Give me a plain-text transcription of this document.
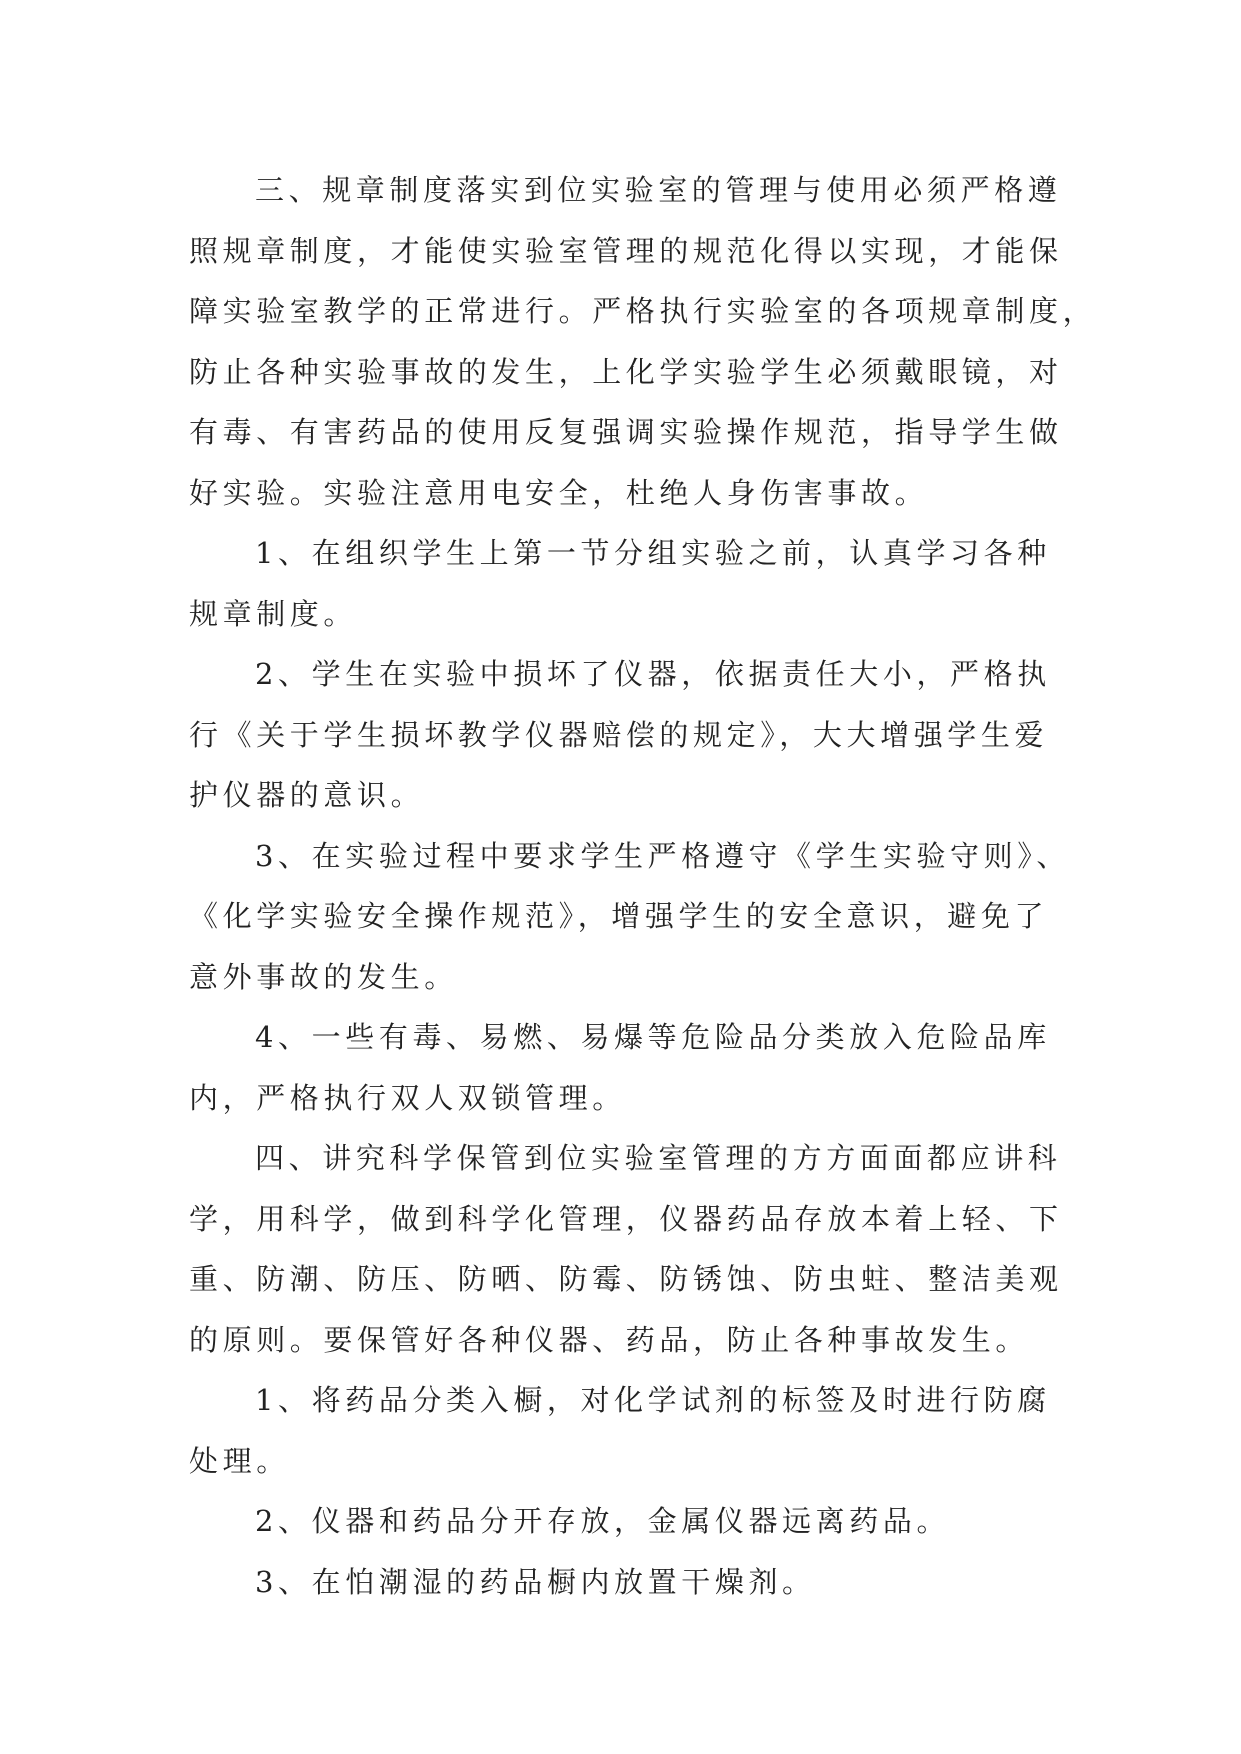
三、规章制度落实到位实验室的管理与使用必须严格遵
照规章制度，才能使实验室管理的规范化得以实现，才能保
障实验室教学的正常进行。严格执行实验室的各项规章制度，
防止各种实验事故的发生，上化学实验学生必须戴眼镜，对
有毒、有害药品的使用反复强调实验操作规范，指导学生做
好实验。实验注意用电安全，杜绝人身伤害事故。
1、在组织学生上第一节分组实验之前，认真学习各种
规章制度。
2、学生在实验中损坏了仪器，依据责任大小，严格执
行《关于学生损坏教学仪器赔偿的规定》，大大增强学生爱
护仪器的意识。
3、在实验过程中要求学生严格遵守《学生实验守则》、
《化学实验安全操作规范》，增强学生的安全意识，避免了
意外事故的发生。
4、一些有毒、易燃、易爆等危险品分类放入危险品库
内，严格执行双人双锁管理。
四、讲究科学保管到位实验室管理的方方面面都应讲科
学，用科学，做到科学化管理，仪器药品存放本着上轻、下
重、防潮、防压、防晒、防霉、防锈蚀、防虫蛀、整洁美观
的原则。要保管好各种仪器、药品，防止各种事故发生。
1、将药品分类入橱，对化学试剂的标签及时进行防腐
处理。
2、仪器和药品分开存放，金属仪器远离药品。
3、在怕潮湿的药品橱内放置干燥剂。
